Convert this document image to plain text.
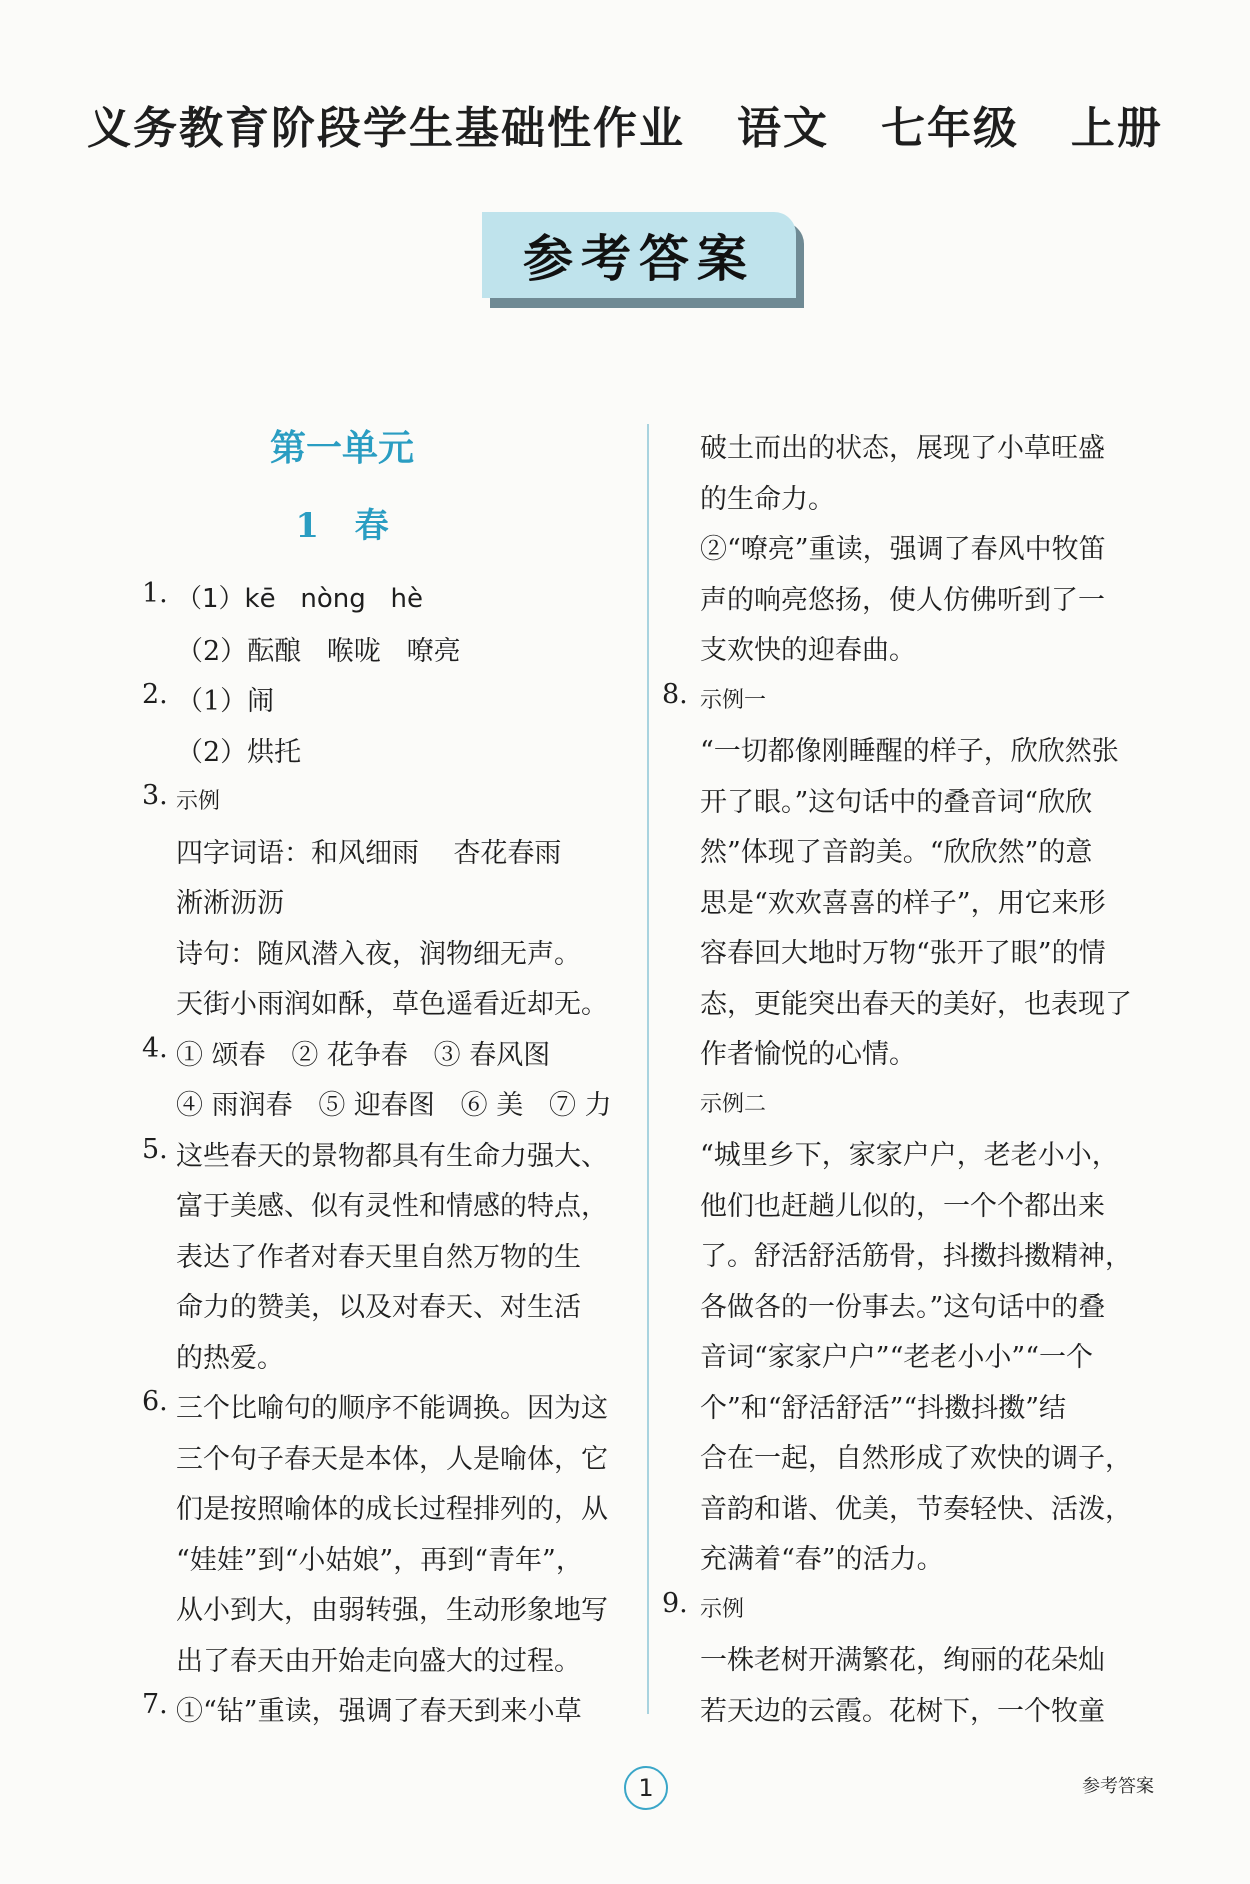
义务教育阶段学生基础性作业   语文   七年级   上册
参考答案
第一单元
1   春
1. （1）kē   nòng   hè
（2）酝酿   喉咙   嘹亮
2. （1）闹
（2）烘托
3. 示例
四字词语：和风细雨    杏花春雨
淅淅沥沥
诗句：随风潜入夜，润物细无声。
天街小雨润如酥，草色遥看近却无。
4. ① 颂春   ② 花争春   ③ 春风图
④ 雨润春   ⑤ 迎春图   ⑥ 美   ⑦ 力
5. 这些春天的景物都具有生命力强大、
富于美感、似有灵性和情感的特点，
表达了作者对春天里自然万物的生
命力的赞美，以及对春天、对生活
的热爱。
6. 三个比喻句的顺序不能调换。因为这
三个句子春天是本体，人是喻体，它
们是按照喻体的成长过程排列的，从
“娃娃”到“小姑娘”，再到“青年”，
从小到大，由弱转强，生动形象地写
出了春天由开始走向盛大的过程。
7. ①“钻”重读，强调了春天到来小草
破土而出的状态，展现了小草旺盛
的生命力。
②“嘹亮”重读，强调了春风中牧笛
声的响亮悠扬，使人仿佛听到了一
支欢快的迎春曲。
8. 示例一
“一切都像刚睡醒的样子，欣欣然张
开了眼。”这句话中的叠音词“欣欣
然”体现了音韵美。“欣欣然”的意
思是“欢欢喜喜的样子”，用它来形
容春回大地时万物“张开了眼”的情
态，更能突出春天的美好，也表现了
作者愉悦的心情。
示例二
“城里乡下，家家户户，老老小小，
他们也赶趟儿似的，一个个都出来
了。舒活舒活筋骨，抖擞抖擞精神，
各做各的一份事去。”这句话中的叠
音词“家家户户”“老老小小”“一个
个”和“舒活舒活”“抖擞抖擞”结
合在一起，自然形成了欢快的调子，
音韵和谐、优美，节奏轻快、活泼，
充满着“春”的活力。
9. 示例
一株老树开满繁花，绚丽的花朵灿
若天边的云霞。花树下，一个牧童
1	参考答案
